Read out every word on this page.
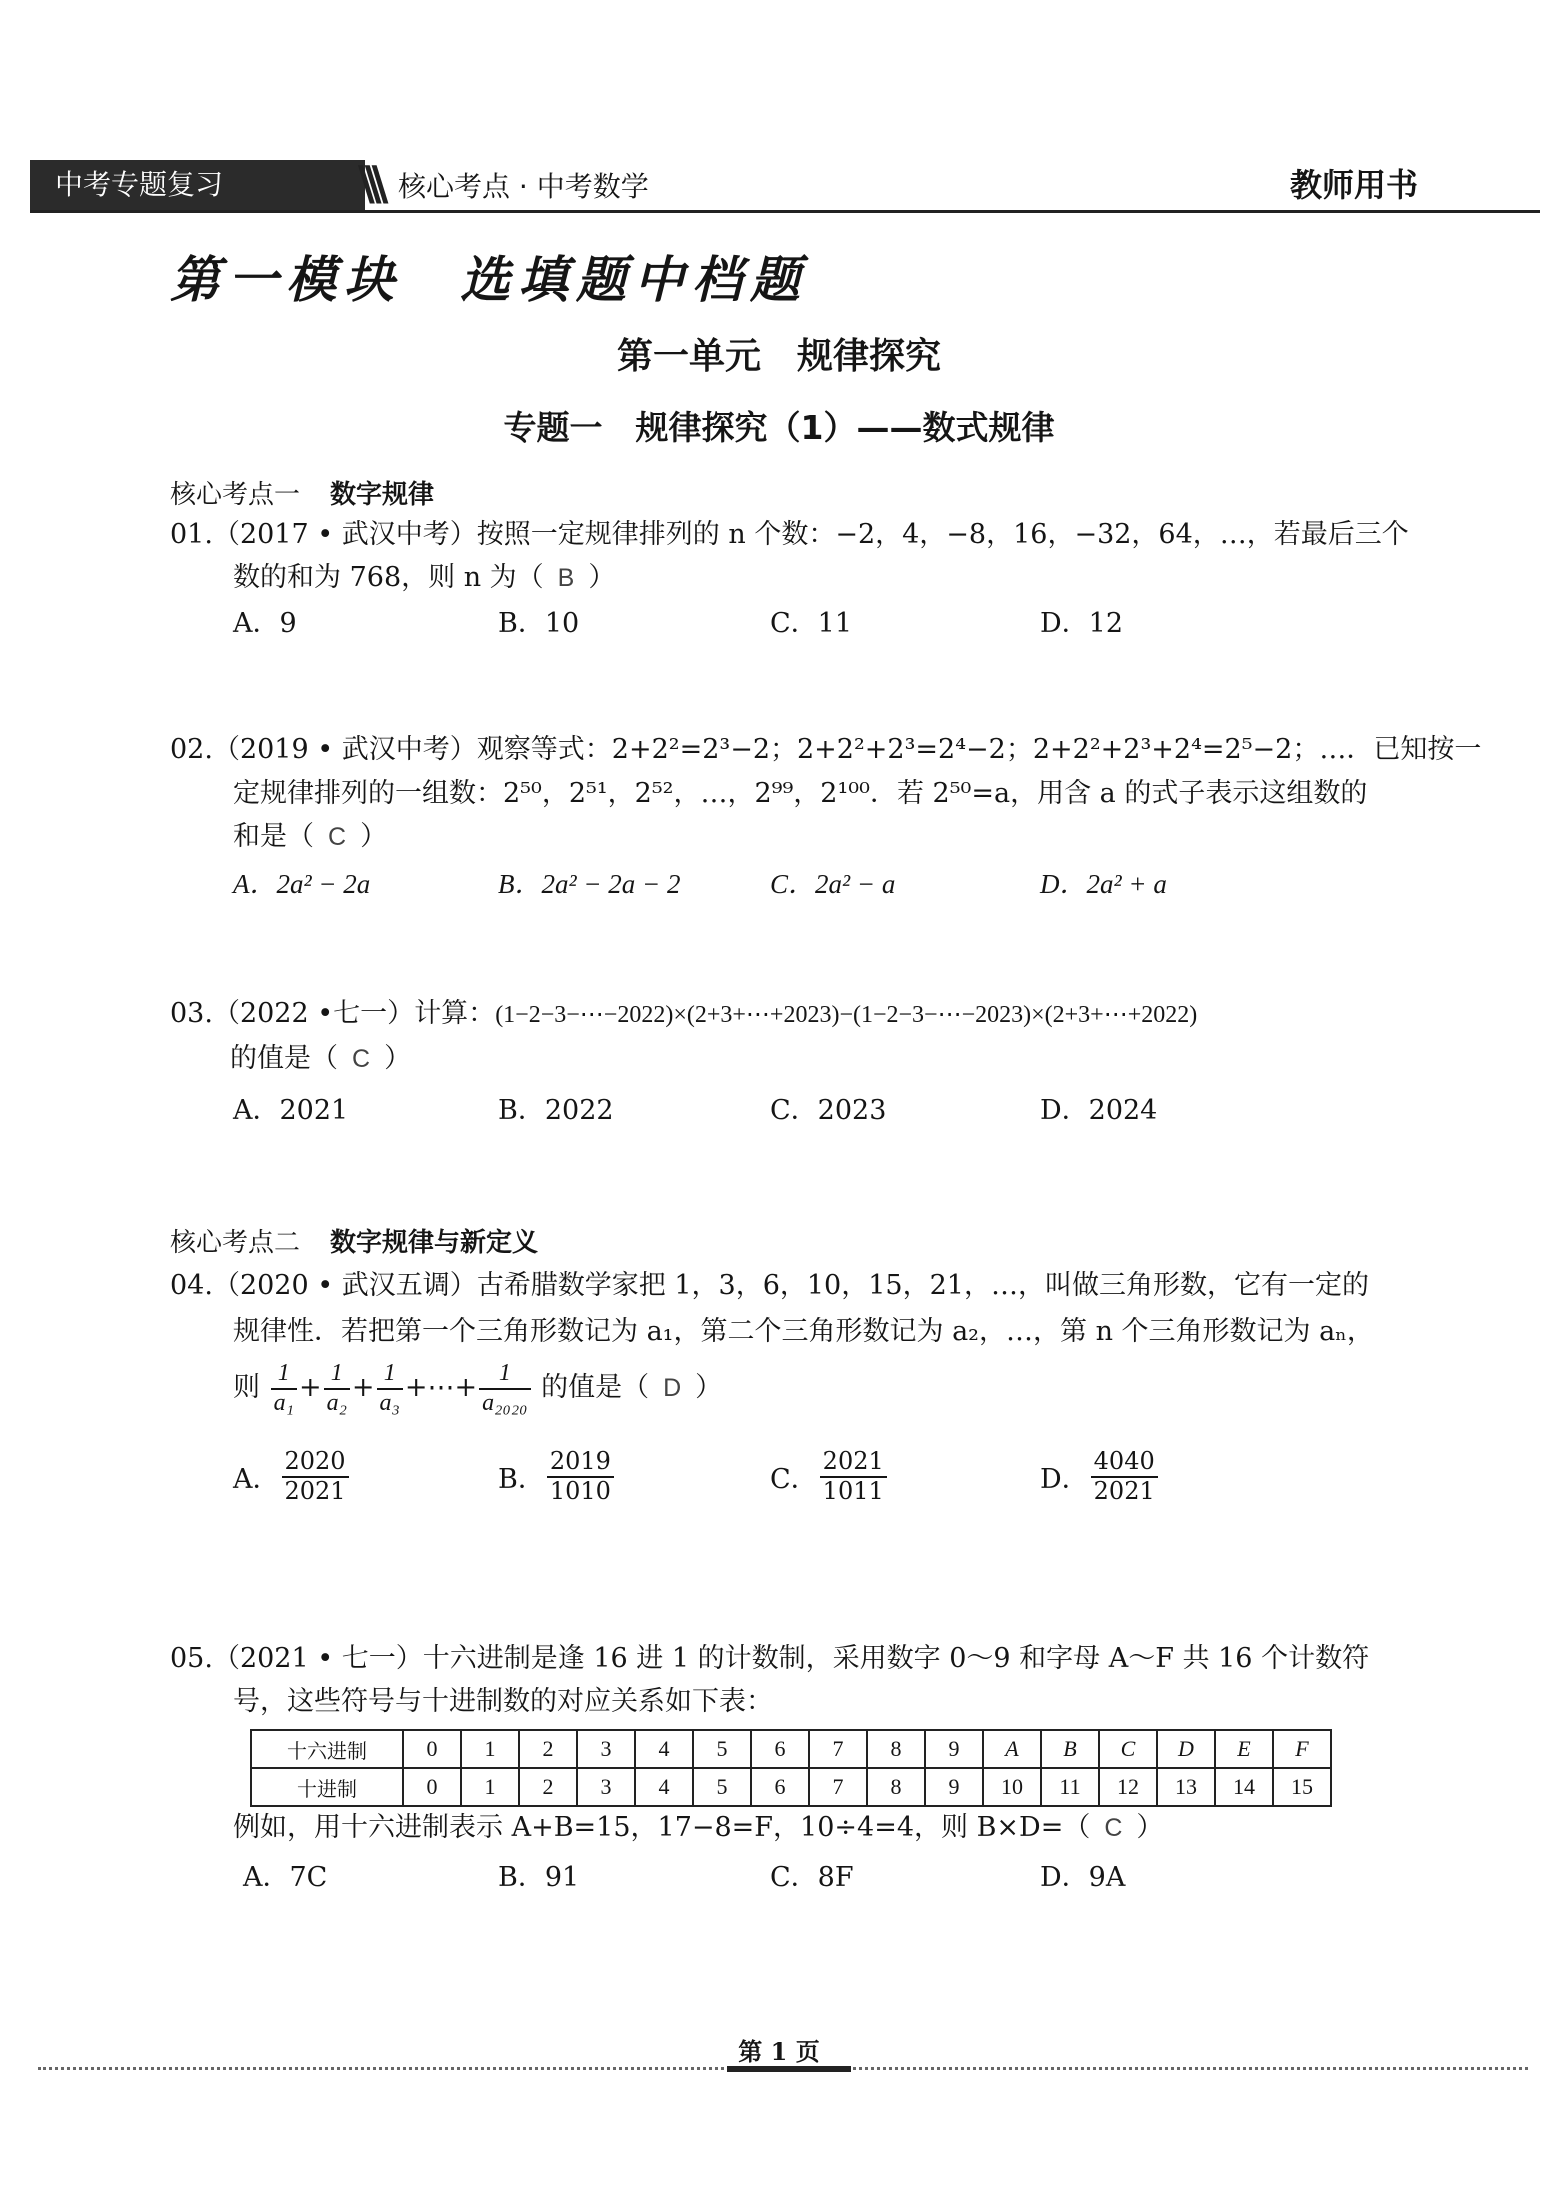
中考专题复习	\\\ 核心考点 · 中考数学	教师用书
第一模块　选填题中档题
第一单元　规律探究
专题一　规律探究（1）——数式规律
核心考点一 数字规律
01.（2017 • 武汉中考）按照一定规律排列的 n 个数：−2，4，−8，16，−32，64，…，若最后三个
数的和为 768，则 n 为（ B ）
A．9	B．10	C．11	D．12
02.（2019 • 武汉中考）观察等式：2+2²=2³−2；2+2²+2³=2⁴−2；2+2²+2³+2⁴=2⁵−2；…．已知按一
定规律排列的一组数：2⁵⁰，2⁵¹，2⁵²，…，2⁹⁹，2¹⁰⁰．若 2⁵⁰=a，用含 a 的式子表示这组数的
和是（ C ）
A．2a² − 2a	B．2a² − 2a − 2	C．2a² − a	D．2a² + a
03.（2022 •七一）计算：(1−2−3−⋯−2022)×(2+3+⋯+2023)−(1−2−3−⋯−2023)×(2+3+⋯+2022)
的值是（ C ）
A．2021	B．2022	C．2023	D．2024
核心考点二 数字规律与新定义
04.（2020 • 武汉五调）古希腊数学家把 1，3，6，10，15，21，…，叫做三角形数，它有一定的
规律性．若把第一个三角形数记为 a₁，第二个三角形数记为 a₂，…，第 n 个三角形数记为 aₙ，
则 $\frac{1}{\text{a₁}} + \frac{1}{\text{a₂}} + \frac{1}{\text{a₃}}$ +⋯+ $\frac{1}{\text{a₂₀₂₀}}$ 的值是（ D ）
A． $\frac{2020}{2021}$	B． $\frac{2019}{1010}$	C． $\frac{2021}{1011}$	D． $\frac{4040}{2021}$
05.（2021 • 七一）十六进制是逢 16 进 1 的计数制，采用数字 0～9 和字母 A～F 共 16 个计数符
号，这些符号与十进制数的对应关系如下表：
十六进制	0	1	2	3	4	5	6	7	8	9	A	B	C	D	E	F
十进制	0	1	2	3	4	5	6	7	8	9	10	11	12	13	14	15
例如，用十六进制表示 A+B=15，17−8=F，10÷4=4，则 B×D=（ C ）
A．7C	B．91	C．8F	D．9A
第 1 页
